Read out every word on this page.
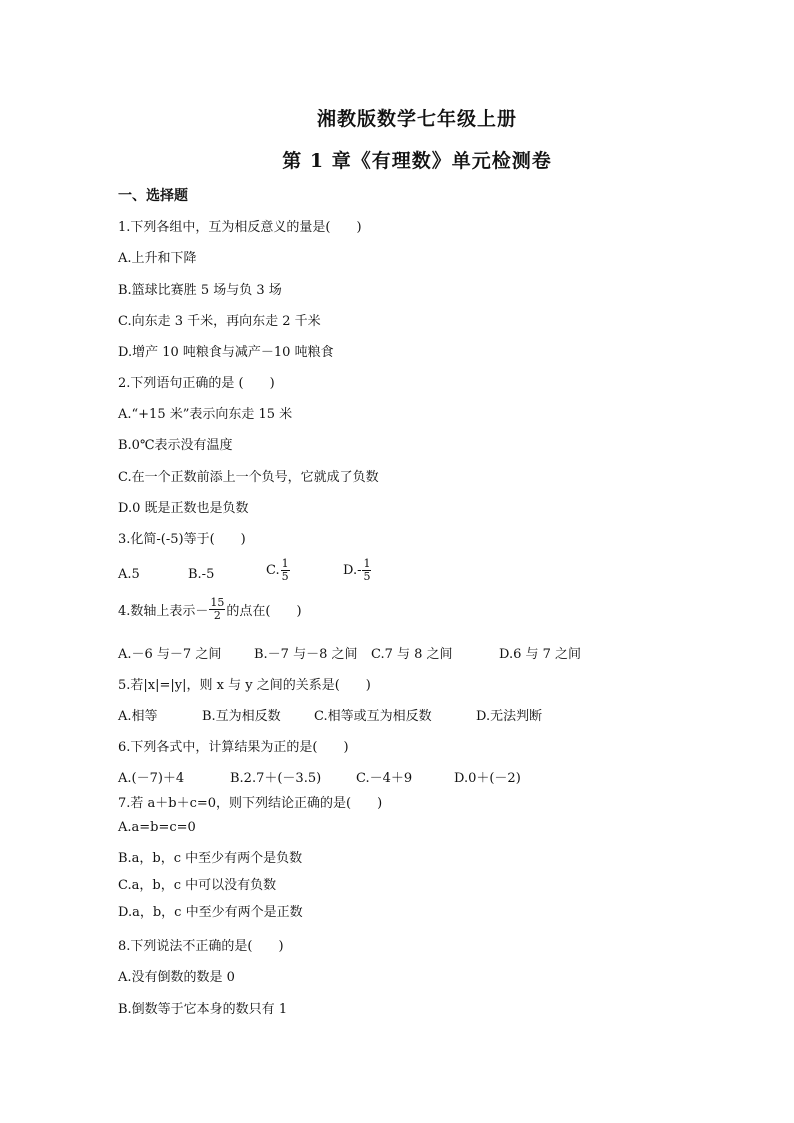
湘教版数学七年级上册
第 1 章《有理数》单元检测卷

一、选择题

1.下列各组中，互为相反意义的量是(　　)

A.上升和下降

B.篮球比赛胜 5 场与负 3 场

C.向东走 3 千米，再向东走 2 千米

D.增产 10 吨粮食与减产－10 吨粮食

2.下列语句正确的是 (　　)

A.“+15 米”表示向东走 15 米

B.0℃表示没有温度

C.在一个正数前添上一个负号，它就成了负数

D.0 既是正数也是负数

3.化简-(-5)等于(　　)

A.5	B.-5	C. $\frac{1}{5}$	$D.- \frac{1}{5}$
4.数轴上表示－ $\frac{15}{2}$ 的点在(　　)
A.－6 与－7 之间	B.－7 与－8 之间 C.7 与 8 之间	D.6 与 7 之间

5.若|x|=|y|，则 x 与 y 之间的关系是(　　)

A.相等	B.互为相反数	C.相等或互为相反数	D.无法判断

6.下列各式中，计算结果为正的是(　　)

A.(－7)＋4	B.2.7＋(－3.5)	C.－4＋9	D.0＋(－2)

7.若 a＋b＋c=0，则下列结论正确的是(　　)

A.a=b=c=0

B.a，b，c 中至少有两个是负数

C.a，b，c 中可以没有负数

D.a，b，c 中至少有两个是正数

8.下列说法不正确的是(　　)

A.没有倒数的数是 0

B.倒数等于它本身的数只有 1
